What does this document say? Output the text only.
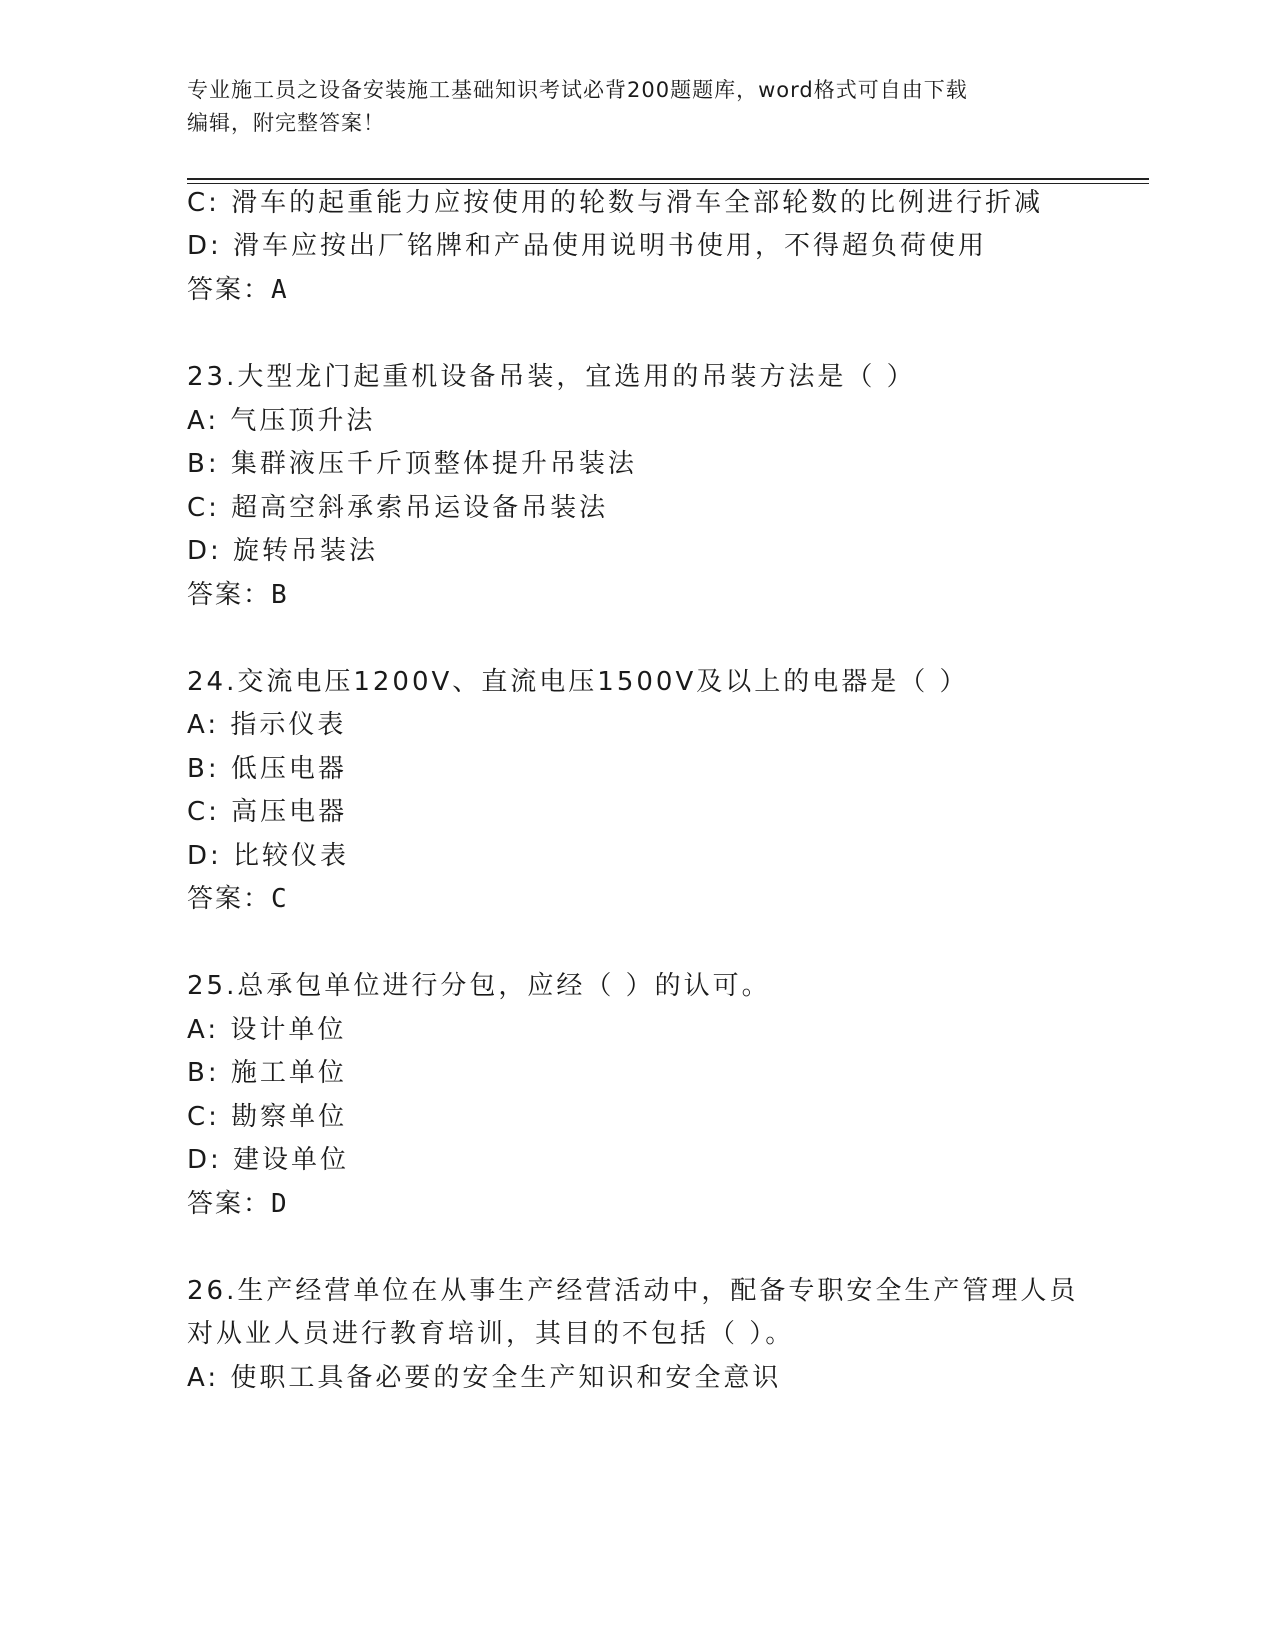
专业施工员之设备安装施工基础知识考试必背200题题库，word格式可自由下载
编辑，附完整答案！
C: 滑车的起重能力应按使用的轮数与滑车全部轮数的比例进行折减
D: 滑车应按出厂铭牌和产品使用说明书使用，不得超负荷使用
答案：A
23.大型龙门起重机设备吊装，宜选用的吊装方法是（ ）
A: 气压顶升法
B: 集群液压千斤顶整体提升吊装法
C: 超高空斜承索吊运设备吊装法
D: 旋转吊装法
答案：B
24.交流电压1200V、直流电压1500V及以上的电器是（ ）
A: 指示仪表
B: 低压电器
C: 高压电器
D: 比较仪表
答案：C
25.总承包单位进行分包，应经（ ）的认可。
A: 设计单位
B: 施工单位
C: 勘察单位
D: 建设单位
答案：D
26.生产经营单位在从事生产经营活动中，配备专职安全生产管理人员
对从业人员进行教育培训，其目的不包括（ ）。
A: 使职工具备必要的安全生产知识和安全意识
